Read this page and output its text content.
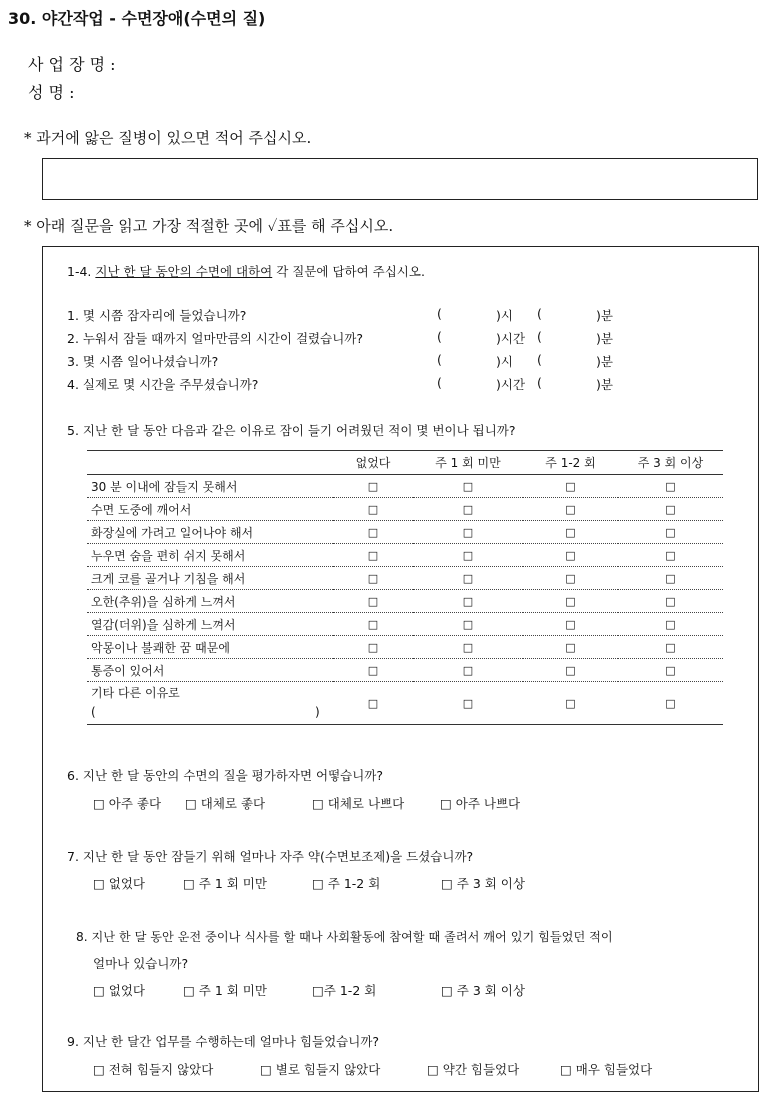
30. 야간작업 - 수면장애(수면의 질)
사 업 장 명 :
성 명 :
* 과거에 앓은 질병이 있으면 적어 주십시오.
* 아래 질문을 읽고 가장 적절한 곳에 ✓표를 해 주십시오.
1-4. 지난 한 달 동안의 수면에 대하여 각 질문에 답하여 주십시오.
1. 몇 시쯤 잠자리에 들었습니까?	(	)시 (	)분
2. 누워서 잠들 때까지 얼마만큼의 시간이 걸렸습니까?	(	)시간 (	)분
3. 몇 시쯤 일어나셨습니까?	(	)시 (	)분
4. 실제로 몇 시간을 주무셨습니까?	(	)시간 (	)분
5. 지난 한 달 동안 다음과 같은 이유로 잠이 들기 어려웠던 적이 몇 번이나 됩니까?
	없었다	주 1 회 미만	주 1-2 회	주 3 회 이상
30 분 이내에 잠들지 못해서	□	□	□	□
수면 도중에 깨어서	□	□	□	□
화장실에 가려고 일어나야 해서	□	□	□	□
누우면 숨을 편히 쉬지 못해서	□	□	□	□
크게 코를 골거나 기침을 해서	□	□	□	□
오한(추위)을 심하게 느껴서	□	□	□	□
열감(더위)을 심하게 느껴서	□	□	□	□
악몽이나 불쾌한 꿈 때문에	□	□	□	□
통증이 있어서	□	□	□	□

기타 다른 이유로
( )	□	□	□	□
6. 지난 한 달 동안의 수면의 질을 평가하자면 어떻습니까?
□ 아주 좋다 □ 대체로 좋다	□ 대체로 나쁘다	□ 아주 나쁘다
7. 지난 한 달 동안 잠들기 위해 얼마나 자주 약(수면보조제)을 드셨습니까?
□ 없었다	□ 주 1 회 미만	□ 주 1-2 회	□ 주 3 회 이상
8. 지난 한 달 동안 운전 중이나 식사를 할 때나 사회활동에 참여할 때 졸려서 깨어 있기 힘들었던 적이
얼마나 있습니까?
□ 없었다	□ 주 1 회 미만	□주 1-2 회	□ 주 3 회 이상
9. 지난 한 달간 업무를 수행하는데 얼마나 힘들었습니까?
□ 전혀 힘들지 않았다	□ 별로 힘들지 않았다	□ 약간 힘들었다	□ 매우 힘들었다
